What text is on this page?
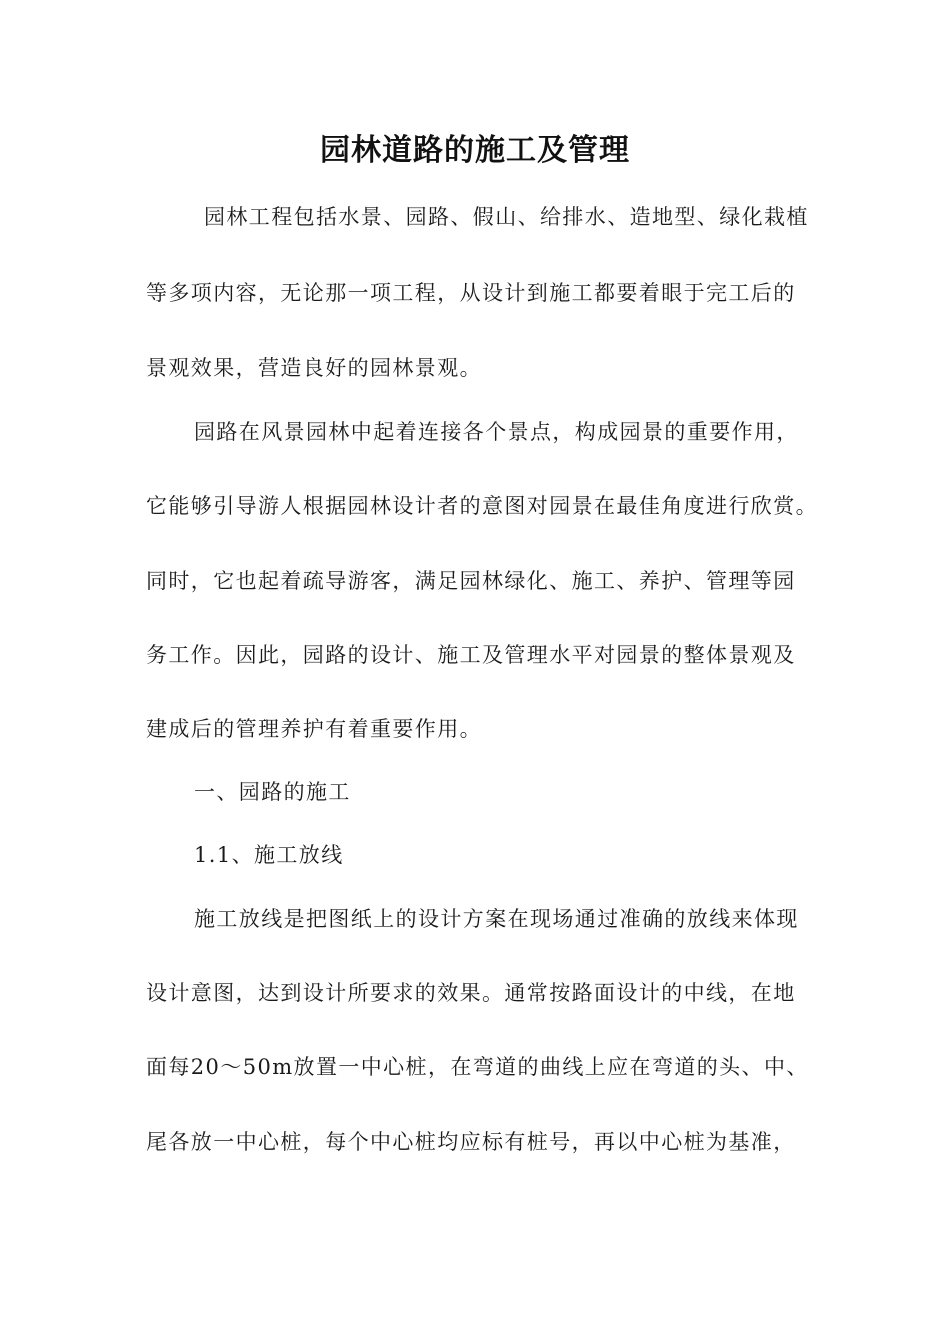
园林道路的施工及管理
园林工程包括水景、园路、假山、给排水、造地型、绿化栽植
等多项内容，无论那一项工程，从设计到施工都要着眼于完工后的
景观效果，营造良好的园林景观。
园路在风景园林中起着连接各个景点，构成园景的重要作用，
它能够引导游人根据园林设计者的意图对园景在最佳角度进行欣赏。
同时，它也起着疏导游客，满足园林绿化、施工、养护、管理等园
务工作。因此，园路的设计、施工及管理水平对园景的整体景观及
建成后的管理养护有着重要作用。
一、园路的施工
1.1、施工放线
施工放线是把图纸上的设计方案在现场通过准确的放线来体现
设计意图，达到设计所要求的效果。通常按路面设计的中线，在地
面每20～50m放置一中心桩，在弯道的曲线上应在弯道的头、中、
尾各放一中心桩，每个中心桩均应标有桩号，再以中心桩为基准，
